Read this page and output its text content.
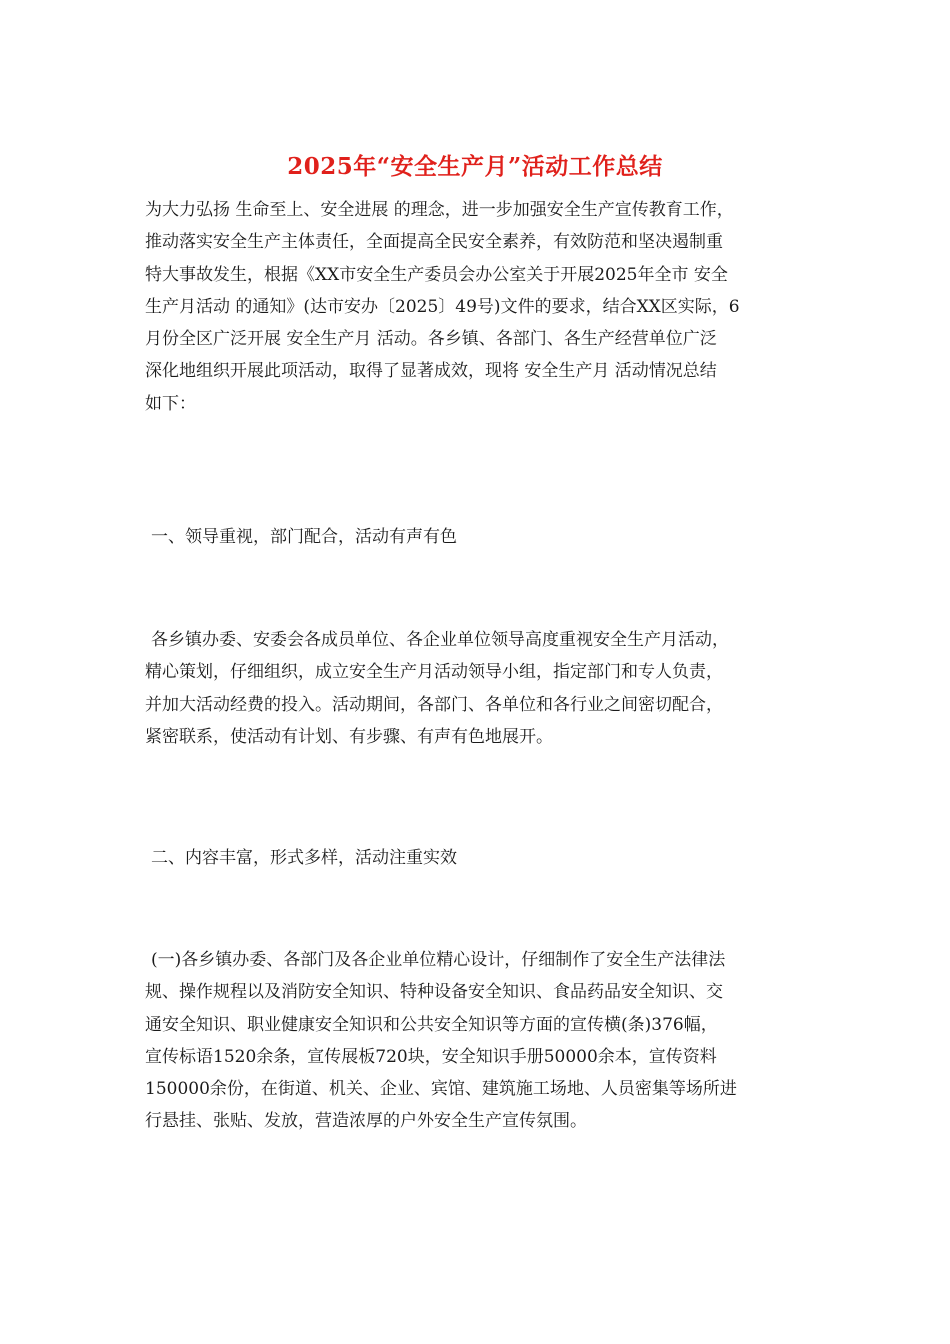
2025年“安全生产月”活动工作总结

为大力弘扬 生命至上、安全进展 的理念，进一步加强安全生产宣传教育工作，
推动落实安全生产主体责任，全面提高全民安全素养，有效防范和坚决遏制重
特大事故发生，根据《XX市安全生产委员会办公室关于开展2025年全市 安全
生产月活动 的通知》(达市安办〔2025〕49号)文件的要求，结合XX区实际，6
月份全区广泛开展 安全生产月 活动。各乡镇、各部门、各生产经营单位广泛
深化地组织开展此项活动，取得了显著成效，现将 安全生产月 活动情况总结
如下：

一、领导重视，部门配合，活动有声有色

各乡镇办委、安委会各成员单位、各企业单位领导高度重视安全生产月活动，
精心策划，仔细组织，成立安全生产月活动领导小组，指定部门和专人负责，
并加大活动经费的投入。活动期间，各部门、各单位和各行业之间密切配合，
紧密联系，使活动有计划、有步骤、有声有色地展开。

二、内容丰富，形式多样，活动注重实效

(一)各乡镇办委、各部门及各企业单位精心设计，仔细制作了安全生产法律法
规、操作规程以及消防安全知识、特种设备安全知识、食品药品安全知识、交
通安全知识、职业健康安全知识和公共安全知识等方面的宣传横(条)376幅，
宣传标语1520余条，宣传展板720块，安全知识手册50000余本，宣传资料
150000余份，在街道、机关、企业、宾馆、建筑施工场地、人员密集等场所进
行悬挂、张贴、发放，营造浓厚的户外安全生产宣传氛围。
